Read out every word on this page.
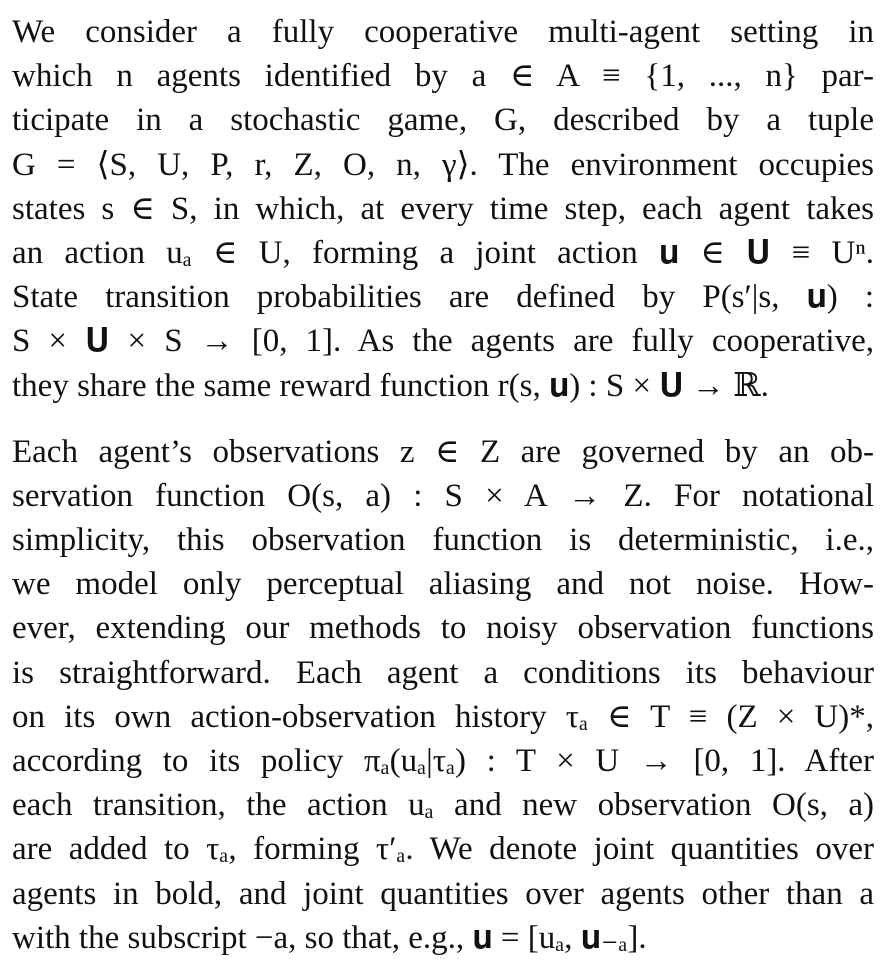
We consider a fully cooperative multi-agent setting in
which n agents identified by a ∈ A ≡ {1, ..., n} par-
ticipate in a stochastic game, G, described by a tuple
G = ⟨S, U, P, r, Z, O, n, γ⟩. The environment occupies
states s ∈ S, in which, at every time step, each agent takes
an action uₐ ∈ U, forming a joint action 𝐮 ∈ 𝐔 ≡ Uⁿ.
State transition probabilities are defined by P(s′|s, 𝐮) :
S × 𝐔 × S → [0, 1]. As the agents are fully cooperative,
they share the same reward function r(s, 𝐮) : S × 𝐔 → ℝ.
Each agent’s observations z ∈ Z are governed by an ob-
servation function O(s, a) : S × A → Z. For notational
simplicity, this observation function is deterministic, i.e.,
we model only perceptual aliasing and not noise. How-
ever, extending our methods to noisy observation functions
is straightforward. Each agent a conditions its behaviour
on its own action-observation history τₐ ∈ T ≡ (Z × U)*,
according to its policy πₐ(uₐ|τₐ) : T × U → [0, 1]. After
each transition, the action uₐ and new observation O(s, a)
are added to τₐ, forming τ′ₐ. We denote joint quantities over
agents in bold, and joint quantities over agents other than a
with the subscript −a, so that, e.g., 𝐮 = [uₐ, 𝐮₋ₐ].
